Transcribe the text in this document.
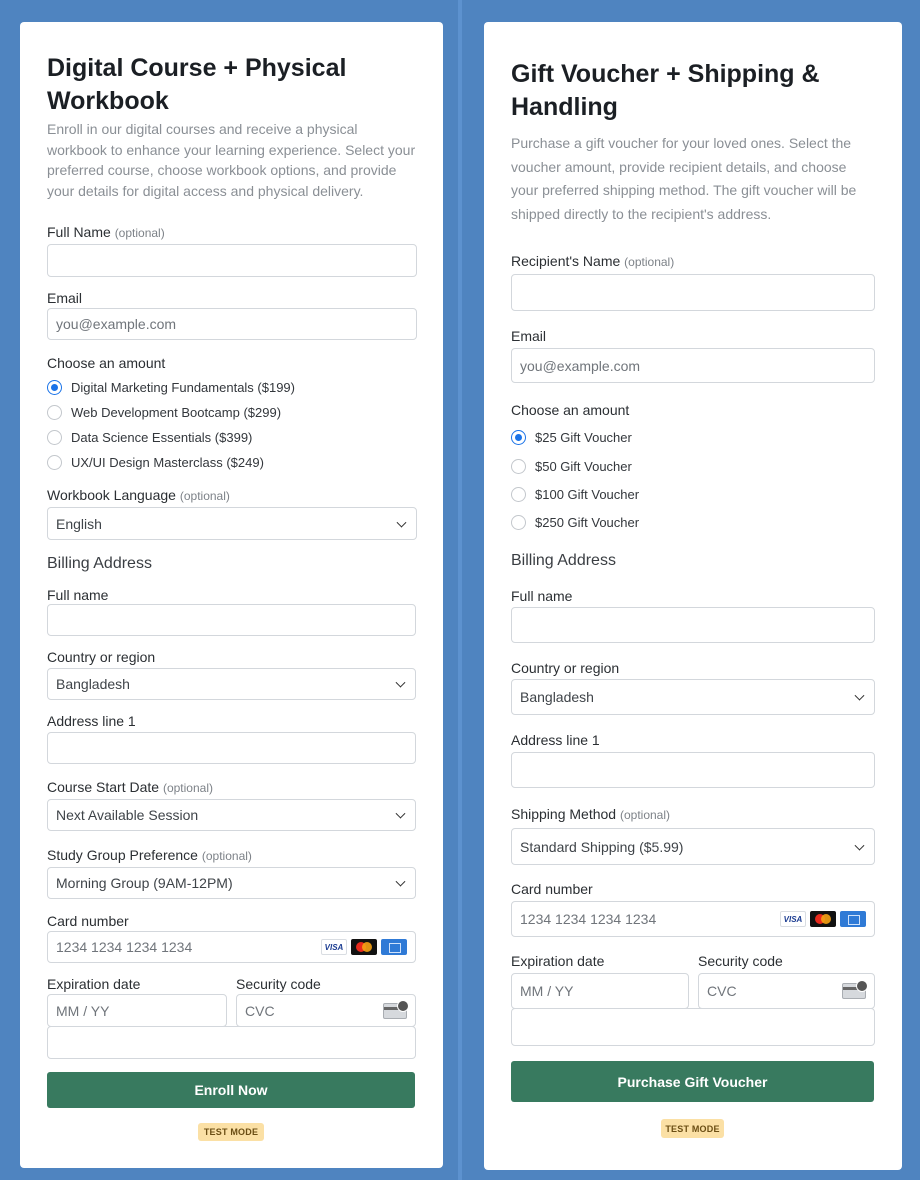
Digital Course + Physical Workbook
Enroll in our digital courses and receive a physical workbook to enhance your learning experience. Select your preferred course, choose workbook options, and provide your details for digital access and physical delivery.
Full Name (optional)
Email
you@example.com
Choose an amount
Digital Marketing Fundamentals ($199)
Web Development Bootcamp ($299)
Data Science Essentials ($399)
UX/UI Design Masterclass ($249)
Workbook Language (optional)
English
Billing Address
Full name
Country or region
Bangladesh
Address line 1
Course Start Date (optional)
Next Available Session
Study Group Preference (optional)
Morning Group (9AM-12PM)
Card number
1234 1234 1234 1234	VISA
Expiration date
MM / YY
Security code
CVC
Enroll Now
TEST MODE
Gift Voucher + Shipping & Handling
Purchase a gift voucher for your loved ones. Select the voucher amount, provide recipient details, and choose your preferred shipping method. The gift voucher will be shipped directly to the recipient's address.
Recipient's Name (optional)
Email
you@example.com
Choose an amount
$25 Gift Voucher
$50 Gift Voucher
$100 Gift Voucher
$250 Gift Voucher
Billing Address
Full name
Country or region
Bangladesh
Address line 1
Shipping Method (optional)
Standard Shipping ($5.99)
Card number
1234 1234 1234 1234	VISA
Expiration date
MM / YY
Security code
CVC
Purchase Gift Voucher
TEST MODE
